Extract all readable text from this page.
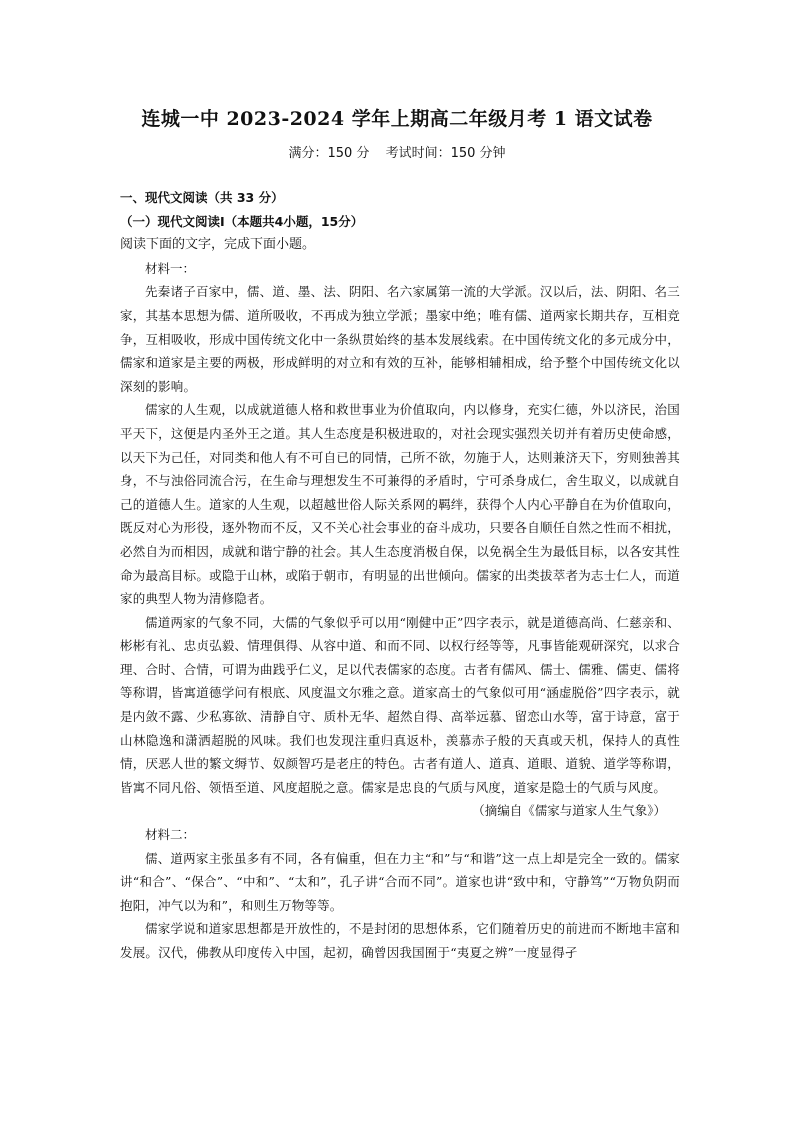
连城一中 2023-2024 学年上期高二年级月考 1 语文试卷
满分：150 分 考试时间：150 分钟

一、现代文阅读（共 33 分）

（一）现代文阅读I（本题共4小题，15分）

阅读下面的文字，完成下面小题。

材料一：

先秦诸子百家中，儒、道、墨、法、阴阳、名六家属第一流的大学派。汉以后，法、阴阳、名三家，其基本思想为儒、道所吸收，不再成为独立学派；墨家中绝；唯有儒、道两家长期共存，互相竞争，互相吸收，形成中国传统文化中一条纵贯始终的基本发展线索。在中国传统文化的多元成分中，儒家和道家是主要的两极，形成鲜明的对立和有效的互补，能够相辅相成，给予整个中国传统文化以深刻的影响。

儒家的人生观，以成就道德人格和救世事业为价值取向，内以修身，充实仁德，外以济民，治国平天下，这便是内圣外王之道。其人生态度是积极进取的，对社会现实强烈关切并有着历史使命感，以天下为己任，对同类和他人有不可自已的同情，己所不欲，勿施于人，达则兼济天下，穷则独善其身，不与浊俗同流合污，在生命与理想发生不可兼得的矛盾时，宁可杀身成仁，舍生取义，以成就自己的道德人生。道家的人生观，以超越世俗人际关系网的羁绊，获得个人内心平静自在为价值取向，既反对心为形役，逐外物而不反，又不关心社会事业的奋斗成功，只要各自顺任自然之性而不相扰，必然自为而相因，成就和谐宁静的社会。其人生态度消极自保，以免祸全生为最低目标，以各安其性命为最高目标。或隐于山林，或陷于朝市，有明显的出世倾向。儒家的出类拔萃者为志士仁人，而道家的典型人物为清修隐者。

儒道两家的气象不同，大儒的气象似乎可以用“刚健中正”四字表示，就是道德高尚、仁慈亲和、彬彬有礼、忠贞弘毅、情理俱得、从容中道、和而不同、以权行经等等，凡事皆能观研深究，以求合理、合时、合情，可谓为曲践乎仁义，足以代表儒家的态度。古者有儒风、儒士、儒雅、儒吏、儒将等称谓，皆寓道德学问有根底、风度温文尔雅之意。道家高士的气象似可用“涵虚脱俗”四字表示，就是内敛不露、少私寡欲、清静自守、质朴无华、超然自得、高举远慕、留恋山水等，富于诗意，富于山林隐逸和潇洒超脱的风味。我们也发现注重归真返朴，羡慕赤子般的天真或天机，保持人的真性情，厌恶人世的繁文缛节、奴颜智巧是老庄的特色。古者有道人、道真、道眼、道貌、道学等称谓，皆寓不同凡俗、领悟至道、风度超脱之意。儒家是忠良的气质与风度，道家是隐士的气质与风度。

（摘编自《儒家与道家人生气象》）

材料二：

儒、道两家主张虽多有不同，各有偏重，但在力主“和”与“和谐”这一点上却是完全一致的。儒家讲“和合”、“保合”、“中和”、“太和”，孔子讲“合而不同”。道家也讲“致中和，守静笃”“万物负阴而抱阳，冲气以为和”，和则生万物等等。

儒家学说和道家思想都是开放性的，不是封闭的思想体系，它们随着历史的前进而不断地丰富和发展。汉代，佛教从印度传入中国，起初，确曾因我国囿于“夷夏之辨”一度显得孑
